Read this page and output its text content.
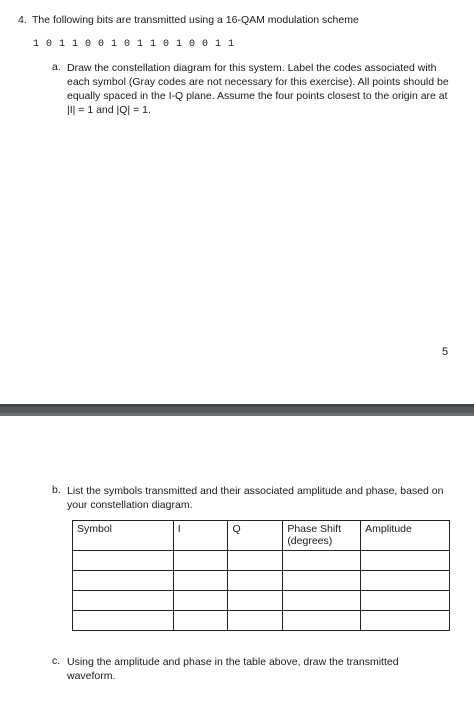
4. The following bits are transmitted using a 16-QAM modulation scheme
1 0 1 1 0 0 1 0 1 1 0 1 0 0 1 1
a. Draw the constellation diagram for this system. Label the codes associated with each symbol (Gray codes are not necessary for this exercise). All points should be equally spaced in the I-Q plane. Assume the four points closest to the origin are at |I| = 1 and |Q| = 1.
5
b. List the symbols transmitted and their associated amplitude and phase, based on your constellation diagram.
Symbol	I	Q	Phase Shift (degrees)	Amplitude

c. Using the amplitude and phase in the table above, draw the transmitted waveform.
